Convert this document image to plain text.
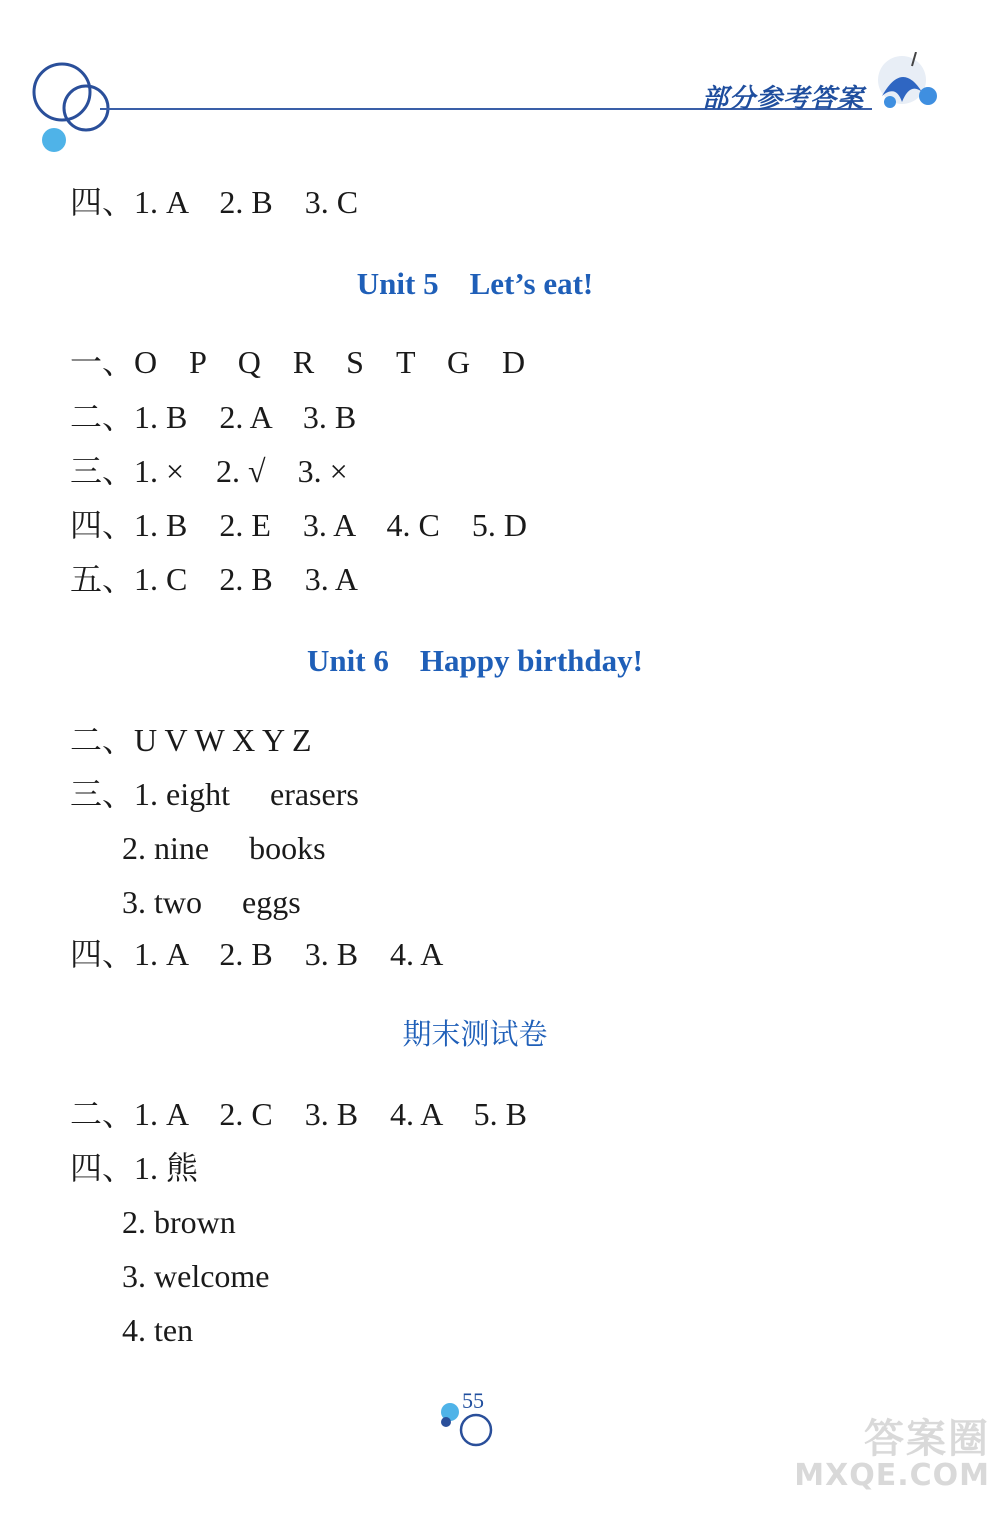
部分参考答案
四、1. A　2. B　3. C
Unit 5　Let’s eat!
一、O　P　Q　R　S　T　G　D
二、1. B　2. A　3. B
三、1. ×　2. √　3. ×
四、1. B　2. E　3. A　4. C　5. D
五、1. C　2. B　3. A
Unit 6　Happy birthday!
二、U V W X Y Z
三、1. eight　 erasers
2. nine　 books
3. two　 eggs
四、1. A　2. B　3. B　4. A
期末测试卷
二、1. A　2. C　3. B　4. A　5. B
四、1. 熊
2. brown
3. welcome
4. ten
55
答案圈
MXQE.COM
